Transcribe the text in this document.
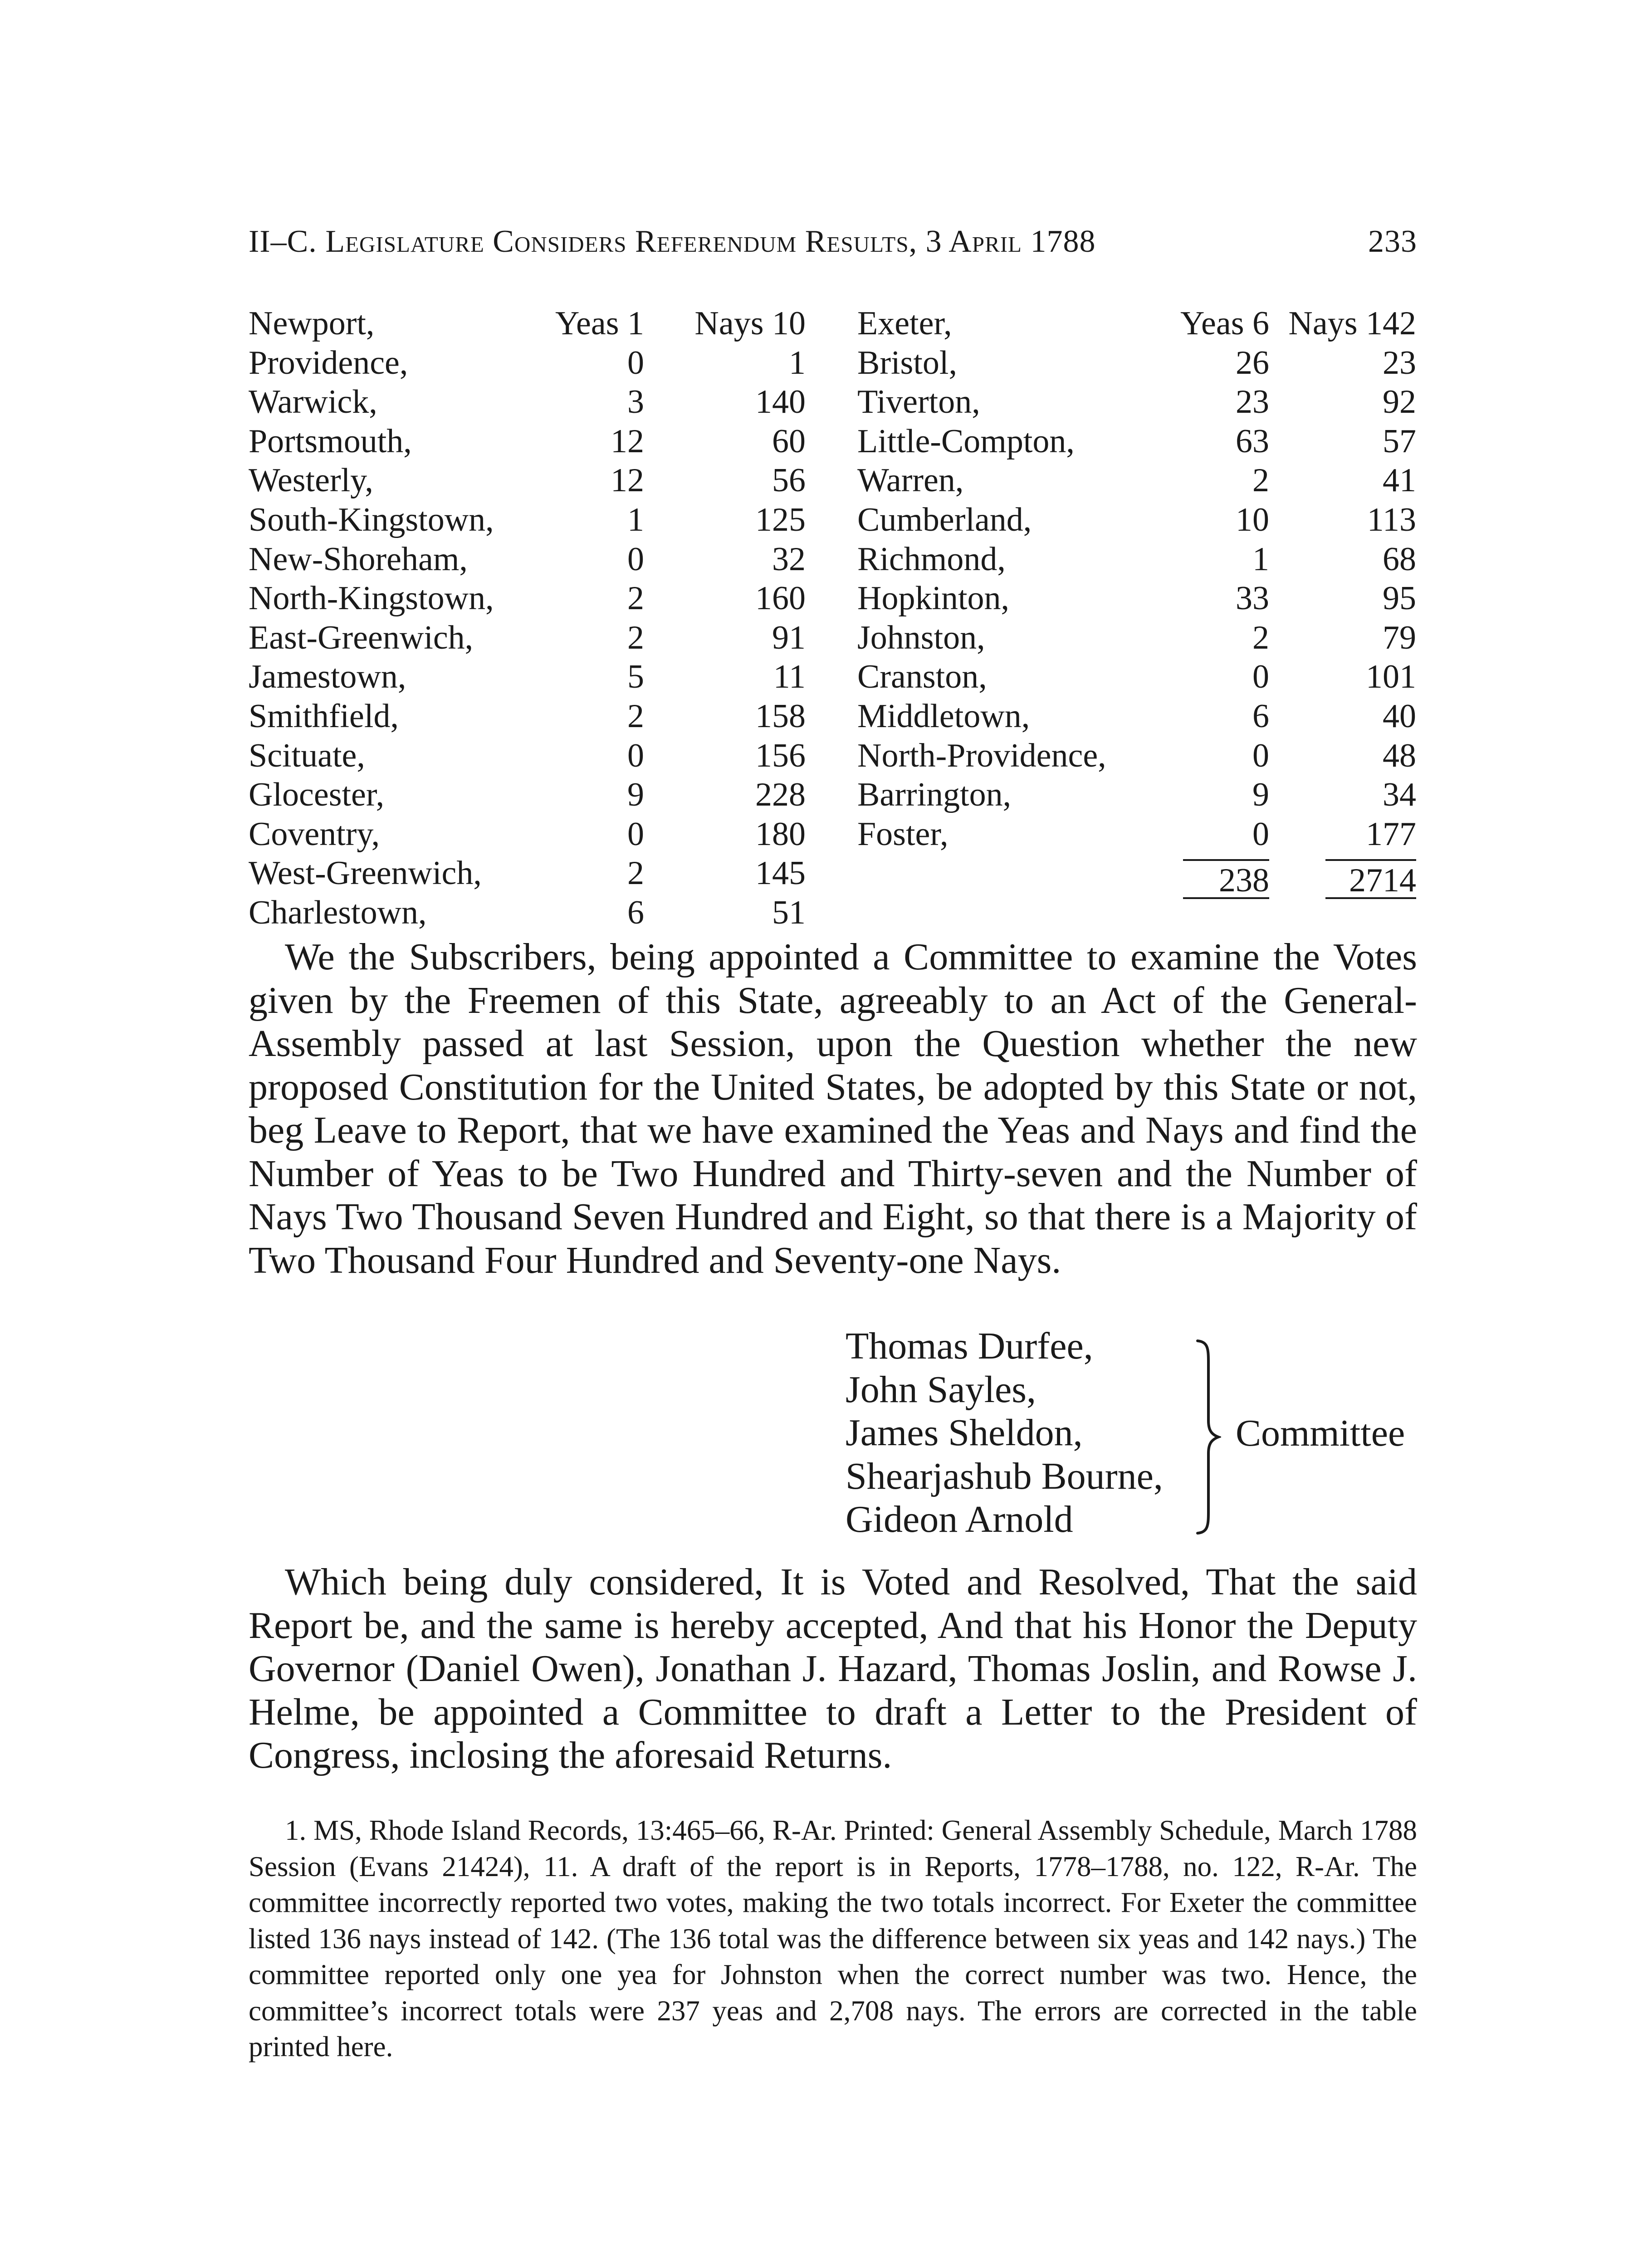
II–C. Legislature Considers Referendum Results, 3 April 1788	233
Newport,	Yeas 1	Nays 10
Providence,	0	1
Warwick,	3	140
Portsmouth,	12	60
Westerly,	12	56
South-Kingstown,	1	125
New-Shoreham,	0	32
North-Kingstown,	2	160
East-Greenwich,	2	91
Jamestown,	5	11
Smithfield,	2	158
Scituate,	0	156
Glocester,	9	228
Coventry,	0	180
West-Greenwich,	2	145
Charlestown,	6	51
Exeter,	Yeas 6	Nays 142
Bristol,	26	23
Tiverton,	23	92
Little-Compton,	63	57
Warren,	2	41
Cumberland,	10	113
Richmond,	1	68
Hopkinton,	33	95
Johnston,	2	79
Cranston,	0	101
Middletown,	6	40
North-Providence,	0	48
Barrington,	9	34
Foster,	0	177
	238	2714

We the Subscribers, being appointed a Committee to examine the Votes given by the Freemen of this State, agreeably to an Act of the General-Assembly passed at last Session, upon the Question whether the new proposed Constitution for the United States, be adopted by this State or not, beg Leave to Report, that we have examined the Yeas and Nays and find the Number of Yeas to be Two Hundred and Thirty-seven and the Number of Nays Two Thousand Seven Hundred and Eight, so that there is a Majority of Two Thousand Four Hundred and Seventy-one Nays.

Thomas Durfee,
John Sayles,
James Sheldon,
Shearjashub Bourne,
Gideon Arnold
Committee

Which being duly considered, It is Voted and Resolved, That the said Report be, and the same is hereby accepted, And that his Honor the Deputy Governor (Daniel Owen), Jonathan J. Hazard, Thomas Joslin, and Rowse J. Helme, be appointed a Committee to draft a Letter to the President of Congress, inclosing the aforesaid Returns.

1. MS, Rhode Island Records, 13:465–66, R-Ar. Printed: General Assembly Schedule, March 1788 Session (Evans 21424), 11. A draft of the report is in Reports, 1778–1788, no. 122, R-Ar. The committee incorrectly reported two votes, making the two totals incorrect. For Exeter the committee listed 136 nays instead of 142. (The 136 total was the difference between six yeas and 142 nays.) The committee reported only one yea for Johnston when the correct number was two. Hence, the committee’s incorrect totals were 237 yeas and 2,708 nays. The errors are corrected in the table printed here.
